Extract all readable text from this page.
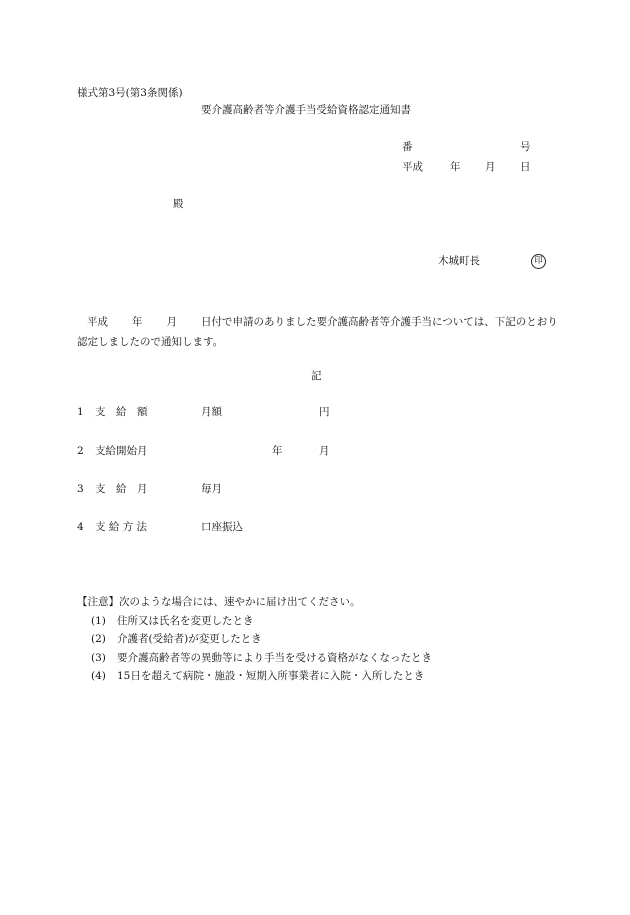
様式第3号(第3条関係)
要介護高齢者等介護手当受給資格認定通知書
番	号
平成	年 月 日
殿
木城町長	印
平成 年 月 日付で申請のありました要介護高齢者等介護手当については、下記のとおり認定しましたので通知します。
記
1 支　給　額	月額	円
2 支給開始月	年	月
3 支　給　月	毎月
4 支 給 方 法	口座振込
【注意】次のような場合には、速やかに届け出てください。
(1) 住所又は氏名を変更したとき
(2) 介護者(受給者)が変更したとき
(3) 要介護高齢者等の異動等により手当を受ける資格がなくなったとき
(4) 15日を超えて病院・施設・短期入所事業者に入院・入所したとき
